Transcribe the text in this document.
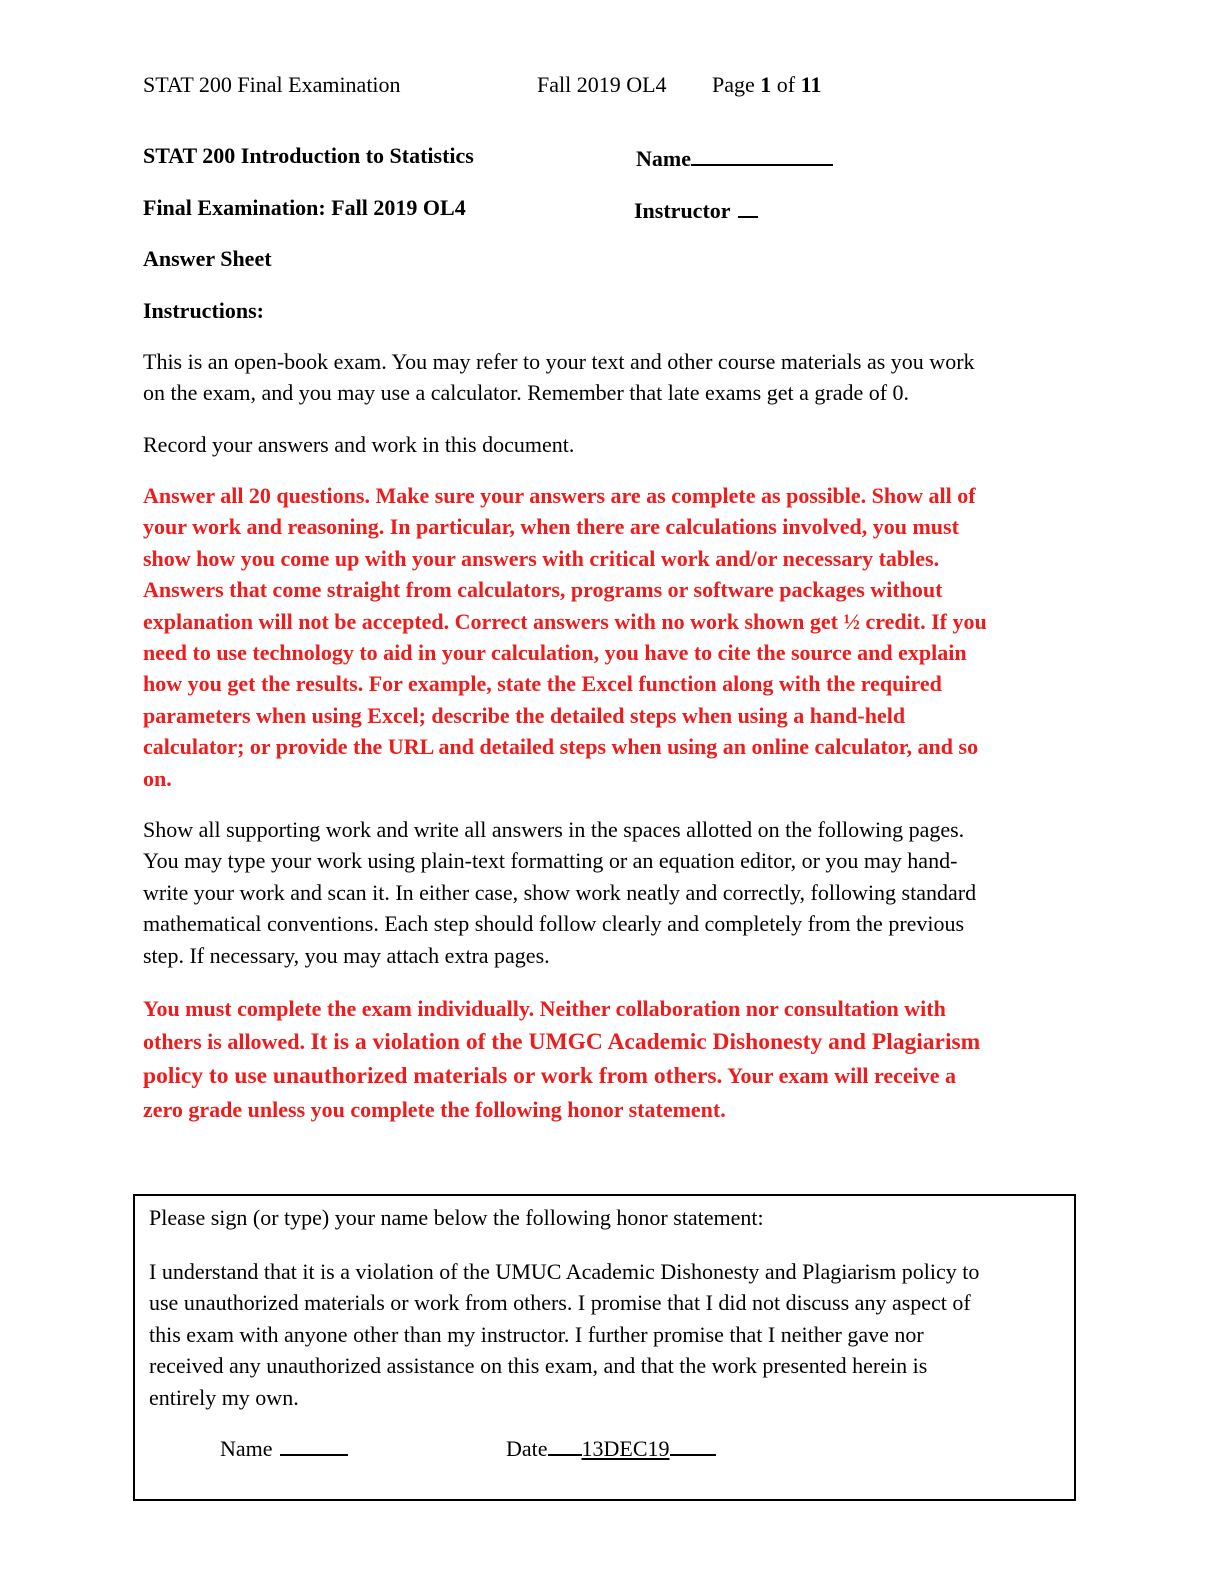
STAT 200 Final Examination	Fall 2019 OL4 Page 1 of 11
STAT 200 Introduction to Statistics	Name
Final Examination: Fall 2019 OL4	Instructor
Answer Sheet
Instructions:
This is an open-book exam. You may refer to your text and other course materials as you work
on the exam, and you may use a calculator. Remember that late exams get a grade of 0.
Record your answers and work in this document.
Answer all 20 questions. Make sure your answers are as complete as possible. Show all of
your work and reasoning. In particular, when there are calculations involved, you must
show how you come up with your answers with critical work and/or necessary tables.
Answers that come straight from calculators, programs or software packages without
explanation will not be accepted. Correct answers with no work shown get ½ credit. If you
need to use technology to aid in your calculation, you have to cite the source and explain
how you get the results. For example, state the Excel function along with the required
parameters when using Excel; describe the detailed steps when using a hand-held
calculator; or provide the URL and detailed steps when using an online calculator, and so
on.
Show all supporting work and write all answers in the spaces allotted on the following pages.
You may type your work using plain-text formatting or an equation editor, or you may hand-
write your work and scan it. In either case, show work neatly and correctly, following standard
mathematical conventions. Each step should follow clearly and completely from the previous
step. If necessary, you may attach extra pages.
You must complete the exam individually. Neither collaboration nor consultation with
others is allowed. It is a violation of the UMGC Academic Dishonesty and Plagiarism
policy to use unauthorized materials or work from others. Your exam will receive a
zero grade unless you complete the following honor statement.
Please sign (or type) your name below the following honor statement:
I understand that it is a violation of the UMUC Academic Dishonesty and Plagiarism policy to
use unauthorized materials or work from others. I promise that I did not discuss any aspect of
this exam with anyone other than my instructor. I further promise that I neither gave nor
received any unauthorized assistance on this exam, and that the work presented herein is
entirely my own.
Name	Date 13DEC19
